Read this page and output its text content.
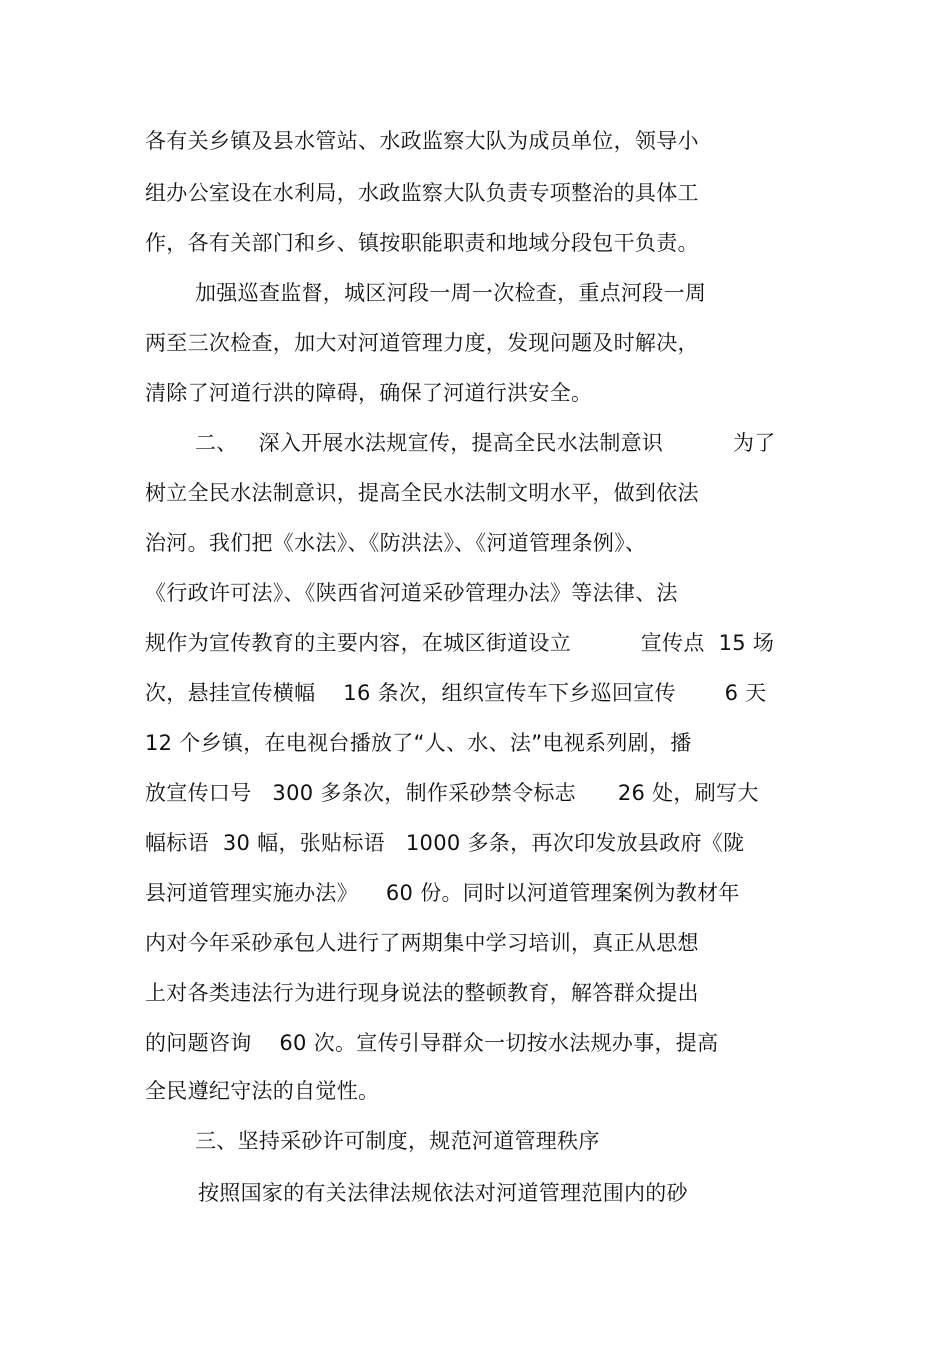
各有关乡镇及县水管站、水政监察大队为成员单位，领导小
组办公室设在水利局，水政监察大队负责专项整治的具体工
作，各有关部门和乡、镇按职能职责和地域分段包干负责。
加强巡查监督，城区河段一周一次检查，重点河段一周
两至三次检查，加大对河道管理力度，发现问题及时解决，
清除了河道行洪的障碍，确保了河道行洪安全。
二、   深入开展水法规宣传，提高全民水法制意识          为了
树立全民水法制意识，提高全民水法制文明水平，做到依法
治河。我们把《水法》、《防洪法》、《河道管理条例》、
《行政许可法》、《陕西省河道采砂管理办法》等法律、法
规作为宣传教育的主要内容，在城区街道设立          宣传点  15 场
次，悬挂宣传横幅    16 条次，组织宣传车下乡巡回宣传       6 天
12 个乡镇，在电视台播放了“人、水、法”电视系列剧，播
放宣传口号   300 多条次，制作采砂禁令标志      26 处，刷写大
幅标语  30 幅，张贴标语   1000 多条，再次印发放县政府《陇
县河道管理实施办法》    60 份。同时以河道管理案例为教材年
内对今年采砂承包人进行了两期集中学习培训，真正从思想
上对各类违法行为进行现身说法的整顿教育，解答群众提出
的问题咨询    60 次。宣传引导群众一切按水法规办事，提高
全民遵纪守法的自觉性。
三、坚持采砂许可制度，规范河道管理秩序
按照国家的有关法律法规依法对河道管理范围内的砂
